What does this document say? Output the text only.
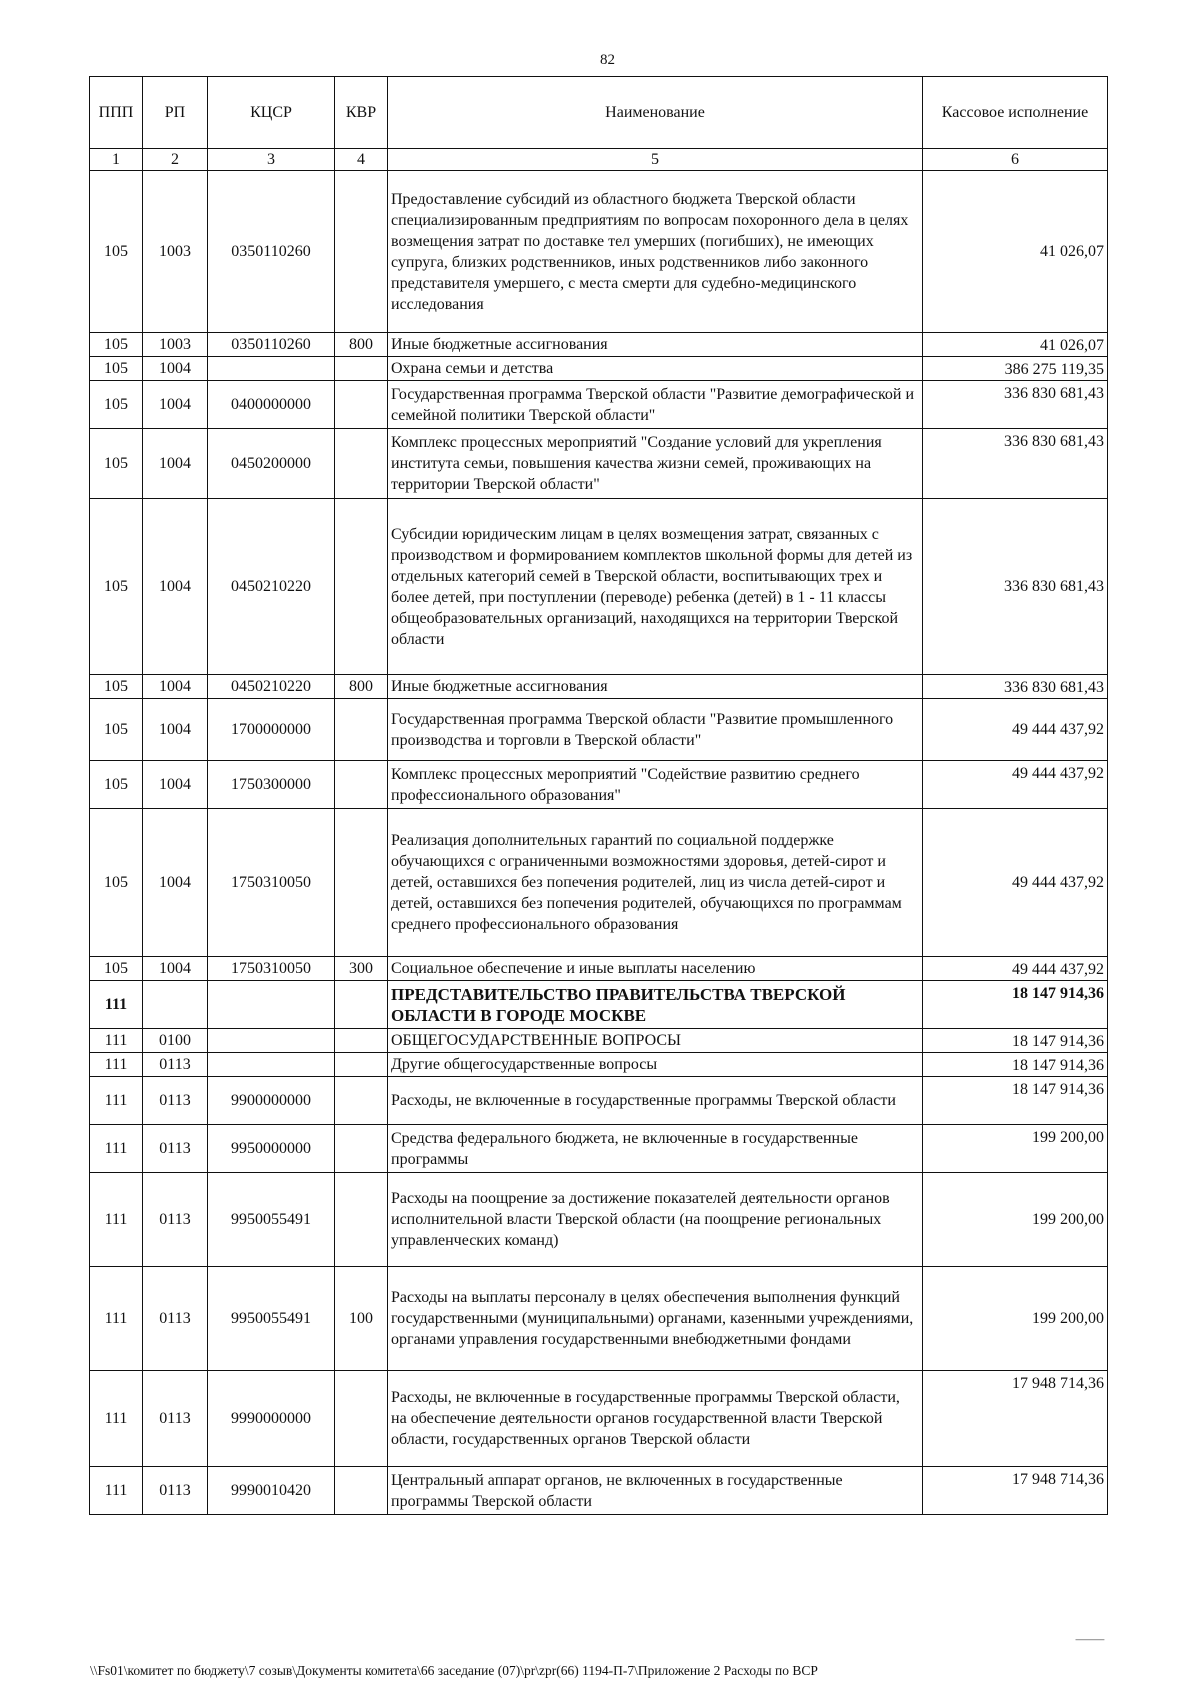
82
ППП	РП	КЦСР	КВР	Наименование	Кассовое исполнение
1	2	3	4	5	6
105	1003	0350110260		Предоставление субсидий из областного бюджета Тверской области специализированным предприятиям по вопросам похоронного дела в целях возмещения затрат по доставке тел умерших (погибших), не имеющих супруга, близких родственников, иных родственников либо законного представителя умершего, с места смерти для судебно-медицинского исследования	41 026,07
105	1003	0350110260	800	Иные бюджетные ассигнования	41 026,07
105	1004			Охрана семьи и детства	386 275 119,35
105	1004	0400000000		Государственная программа Тверской области "Развитие демографической и семейной политики Тверской области"	336 830 681,43
105	1004	0450200000		Комплекс процессных мероприятий "Создание условий для укрепления института семьи, повышения качества жизни семей, проживающих на территории Тверской области"	336 830 681,43
105	1004	0450210220		Субсидии юридическим лицам в целях возмещения затрат, связанных с производством и формированием комплектов школьной формы для детей из отдельных категорий семей в Тверской области, воспитывающих трех и более детей, при поступлении (переводе) ребенка (детей) в 1 - 11 классы общеобразовательных организаций, находящихся на территории Тверской области	336 830 681,43
105	1004	0450210220	800	Иные бюджетные ассигнования	336 830 681,43
105	1004	1700000000		Государственная программа Тверской области "Развитие промышленного производства и торговли в Тверской области"	49 444 437,92
105	1004	1750300000		Комплекс процессных мероприятий "Содействие развитию среднего профессионального образования"	49 444 437,92
105	1004	1750310050		Реализация дополнительных гарантий по социальной поддержке обучающихся с ограниченными возможностями здоровья, детей-сирот и детей, оставшихся без попечения родителей, лиц из числа детей-сирот и детей, оставшихся без попечения родителей, обучающихся по программам среднего профессионального образования	49 444 437,92
105	1004	1750310050	300	Социальное обеспечение и иные выплаты населению	49 444 437,92
111				ПРЕДСТАВИТЕЛЬСТВО ПРАВИТЕЛЬСТВА ТВЕРСКОЙ ОБЛАСТИ В ГОРОДЕ МОСКВЕ	18 147 914,36
111	0100			ОБЩЕГОСУДАРСТВЕННЫЕ ВОПРОСЫ	18 147 914,36
111	0113			Другие общегосударственные вопросы	18 147 914,36
111	0113	9900000000		Расходы, не включенные в государственные программы Тверской области	18 147 914,36
111	0113	9950000000		Средства федерального бюджета, не включенные в государственные программы	199 200,00
111	0113	9950055491		Расходы на поощрение за достижение показателей деятельности органов исполнительной власти Тверской области (на поощрение региональных управленческих команд)	199 200,00
111	0113	9950055491	100	Расходы на выплаты персоналу в целях обеспечения выполнения функций государственными (муниципальными) органами, казенными учреждениями, органами управления государственными внебюджетными фондами	199 200,00
111	0113	9990000000		Расходы, не включенные в государственные программы Тверской области, на обеспечение деятельности органов государственной власти Тверской области, государственных органов Тверской области	17 948 714,36
111	0113	9990010420		Центральный аппарат органов, не включенных в государственные программы Тверской области	17 948 714,36
\\Fs01\комитет по бюджету\7 созыв\Документы комитета\66 заседание (07)\pr\zpr(66) 1194-П-7\Приложение 2 Расходы по ВСР
⸻
